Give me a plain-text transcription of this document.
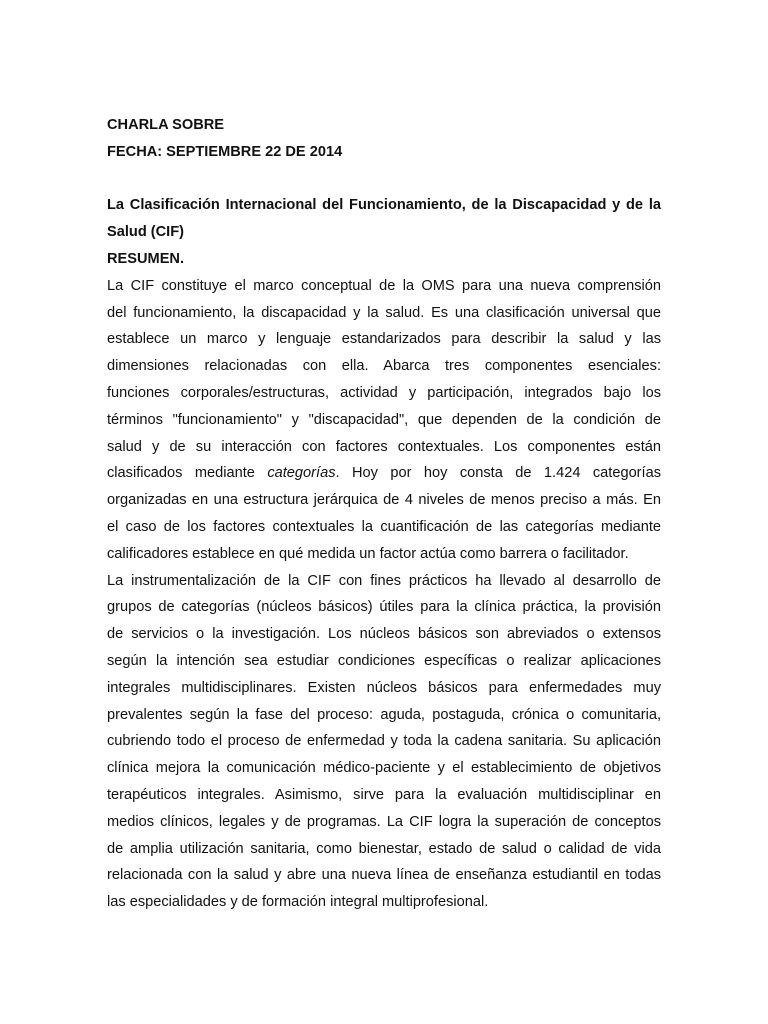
CHARLA SOBRE
FECHA: SEPTIEMBRE 22 DE 2014
La Clasificación Internacional del Funcionamiento, de la Discapacidad y de la
Salud (CIF)
RESUMEN.
La CIF constituye el marco conceptual de la OMS para una nueva comprensión
del funcionamiento, la discapacidad y la salud. Es una clasificación universal que
establece un marco y lenguaje estandarizados para describir la salud y las
dimensiones relacionadas con ella. Abarca tres componentes esenciales:
funciones corporales/estructuras, actividad y participación, integrados bajo los
términos "funcionamiento" y "discapacidad", que dependen de la condición de
salud y de su interacción con factores contextuales. Los componentes están
clasificados mediante categorías. Hoy por hoy consta de 1.424 categorías
organizadas en una estructura jerárquica de 4 niveles de menos preciso a más. En
el caso de los factores contextuales la cuantificación de las categorías mediante
calificadores establece en qué medida un factor actúa como barrera o facilitador.
La instrumentalización de la CIF con fines prácticos ha llevado al desarrollo de
grupos de categorías (núcleos básicos) útiles para la clínica práctica, la provisión
de servicios o la investigación. Los núcleos básicos son abreviados o extensos
según la intención sea estudiar condiciones específicas o realizar aplicaciones
integrales multidisciplinares. Existen núcleos básicos para enfermedades muy
prevalentes según la fase del proceso: aguda, postaguda, crónica o comunitaria,
cubriendo todo el proceso de enfermedad y toda la cadena sanitaria. Su aplicación
clínica mejora la comunicación médico-paciente y el establecimiento de objetivos
terapéuticos integrales. Asimismo, sirve para la evaluación multidisciplinar en
medios clínicos, legales y de programas. La CIF logra la superación de conceptos
de amplia utilización sanitaria, como bienestar, estado de salud o calidad de vida
relacionada con la salud y abre una nueva línea de enseñanza estudiantil en todas
las especialidades y de formación integral multiprofesional.
